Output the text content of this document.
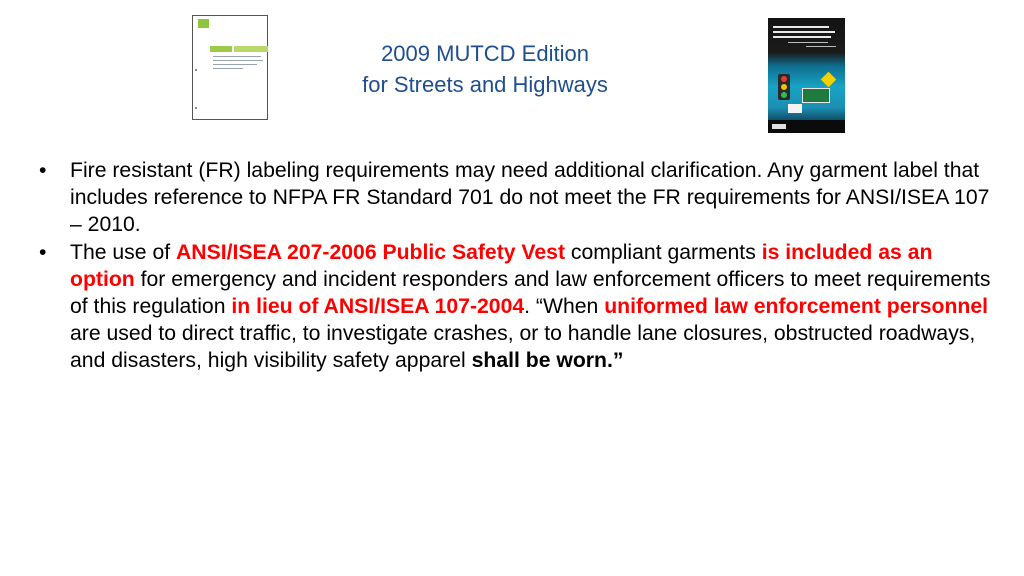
2009 MUTCD Edition
for Streets and Highways
• Fire resistant (FR) labeling requirements may need additional clarification. Any garment label that includes reference to NFPA FR Standard 701 do not meet the FR requirements for ANSI/ISEA 107 – 2010.
• The use of ANSI/ISEA 207-2006 Public Safety Vest compliant garments is included as an option for emergency and incident responders and law enforcement officers to meet requirements of this regulation in lieu of ANSI/ISEA 107-2004. “When uniformed law enforcement personnel are used to direct traffic, to investigate crashes, or to handle lane closures, obstructed roadways, and disasters, high visibility safety apparel shall be worn.”
